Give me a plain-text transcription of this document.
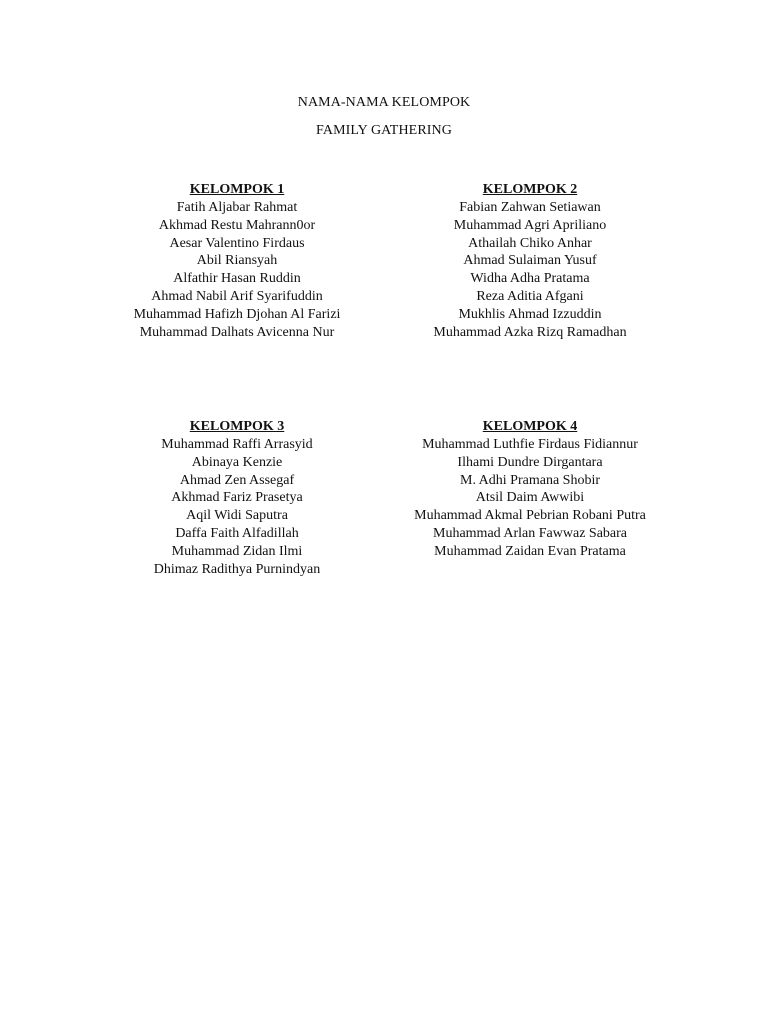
NAMA-NAMA KELOMPOK
FAMILY GATHERING
KELOMPOK 1
Fatih Aljabar Rahmat
Akhmad Restu Mahrann0or
Aesar Valentino Firdaus
Abil Riansyah
Alfathir Hasan Ruddin
Ahmad Nabil Arif Syarifuddin
Muhammad Hafizh Djohan Al Farizi
Muhammad Dalhats Avicenna Nur
KELOMPOK 2
Fabian Zahwan Setiawan
Muhammad Agri Apriliano
Athailah Chiko Anhar
Ahmad Sulaiman Yusuf
Widha Adha Pratama
Reza Aditia Afgani
Mukhlis Ahmad Izzuddin
Muhammad Azka Rizq Ramadhan
KELOMPOK 3
Muhammad Raffi Arrasyid
Abinaya Kenzie
Ahmad Zen Assegaf
Akhmad Fariz Prasetya
Aqil Widi Saputra
Daffa Faith Alfadillah
Muhammad Zidan Ilmi
Dhimaz Radithya Purnindyan
KELOMPOK 4
Muhammad Luthfie Firdaus Fidiannur
Ilhami Dundre Dirgantara
M. Adhi Pramana Shobir
Atsil Daim Awwibi
Muhammad Akmal Pebrian Robani Putra
Muhammad Arlan Fawwaz Sabara
Muhammad Zaidan Evan Pratama
